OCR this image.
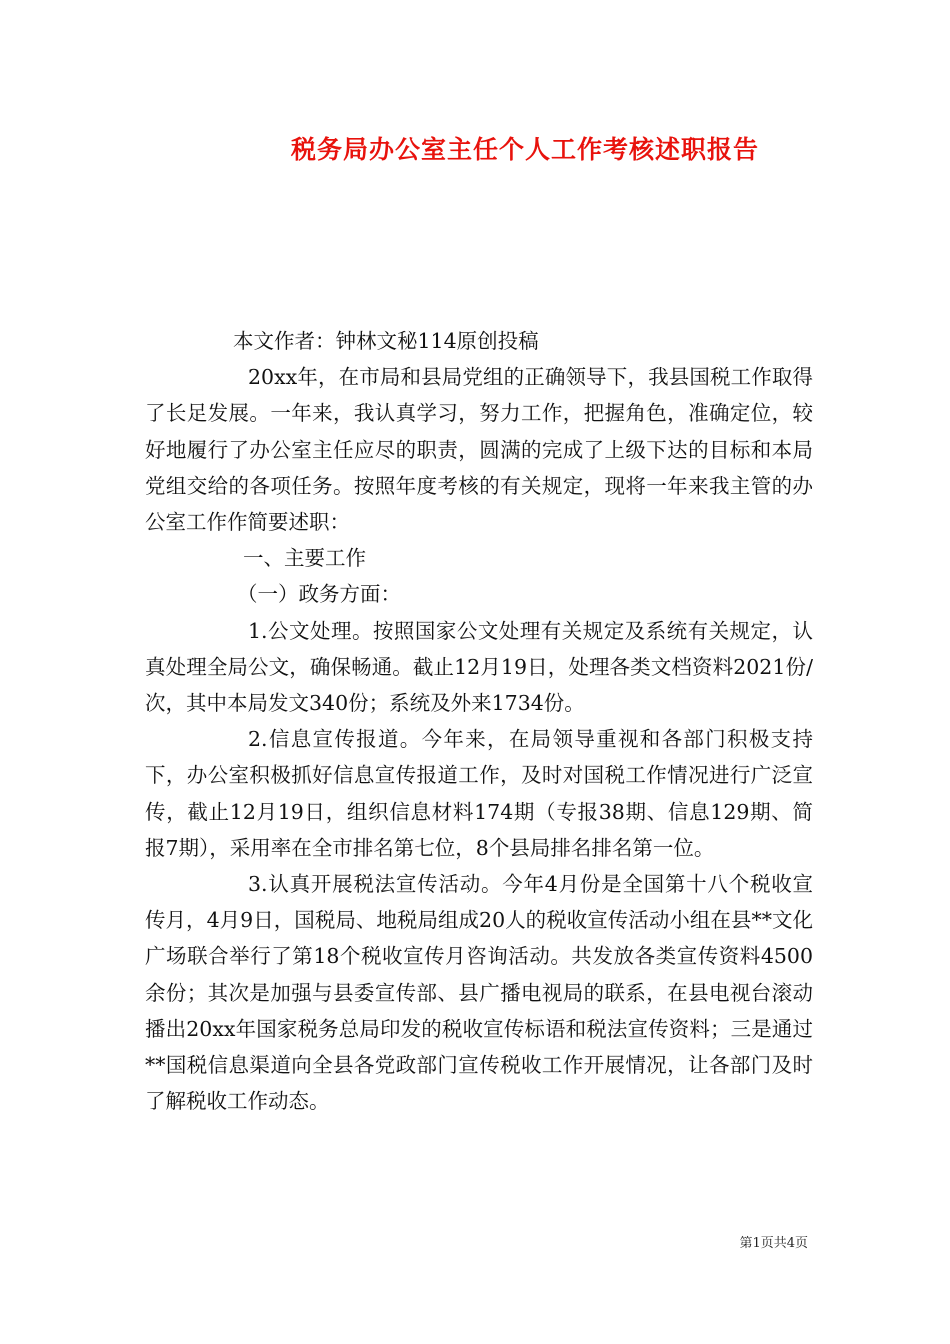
税务局办公室主任个人工作考核述职报告

本文作者：钟林文秘114原创投稿

20xx年，在市局和县局党组的正确领导下，我县国税工作取得了长足发展。一年来，我认真学习，努力工作，把握角色，准确定位，较好地履行了办公室主任应尽的职责，圆满的完成了上级下达的目标和本局党组交给的各项任务。按照年度考核的有关规定，现将一年来我主管的办公室工作作简要述职：

一、主要工作

（一）政务方面：

1.公文处理。按照国家公文处理有关规定及系统有关规定，认真处理全局公文，确保畅通。截止12月19日，处理各类文档资料2021份/次，其中本局发文340份；系统及外来1734份。

2.信息宣传报道。今年来，在局领导重视和各部门积极支持下，办公室积极抓好信息宣传报道工作，及时对国税工作情况进行广泛宣传，截止12月19日，组织信息材料174期（专报38期、信息129期、简报7期），采用率在全市排名第七位，8个县局排名排名第一位。

3.认真开展税法宣传活动。今年4月份是全国第十八个税收宣传月，4月9日，国税局、地税局组成20人的税收宣传活动小组在县**文化广场联合举行了第18个税收宣传月咨询活动。共发放各类宣传资料4500余份；其次是加强与县委宣传部、县广播电视局的联系，在县电视台滚动播出20xx年国家税务总局印发的税收宣传标语和税法宣传资料；三是通过**国税信息渠道向全县各党政部门宣传税收工作开展情况，让各部门及时了解税收工作动态。

第1页共4页
